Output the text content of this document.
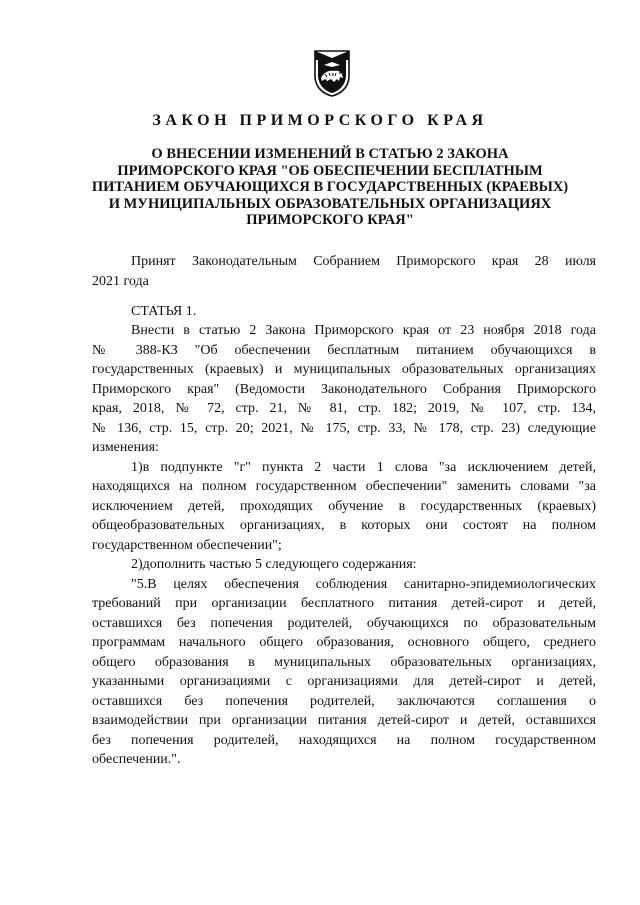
ЗАКОН ПРИМОРСКОГО КРАЯ
О ВНЕСЕНИИ ИЗМЕНЕНИЙ В СТАТЬЮ 2 ЗАКОНА
ПРИМОРСКОГО КРАЯ "ОБ ОБЕСПЕЧЕНИИ БЕСПЛАТНЫМ
ПИТАНИЕМ ОБУЧАЮЩИХСЯ В ГОСУДАРСТВЕННЫХ (КРАЕВЫХ)
И МУНИЦИПАЛЬНЫХ ОБРАЗОВАТЕЛЬНЫХ ОРГАНИЗАЦИЯХ
ПРИМОРСКОГО КРАЯ"
Принят Законодательным Собранием Приморского края 28 июля
2021 года
СТАТЬЯ 1.
Внести в статью 2 Закона Приморского края от 23 ноября 2018 года
№ 388-КЗ "Об обеспечении бесплатным питанием обучающихся в
государственных (краевых) и муниципальных образовательных организациях
Приморского края" (Ведомости Законодательного Собрания Приморского
края, 2018, № 72, стр. 21, № 81, стр. 182; 2019, № 107, стр. 134,
№ 136, стр. 15, стр. 20; 2021, № 175, стр. 33, № 178, стр. 23) следующие
изменения:
1)в подпункте "г" пункта 2 части 1 слова "за исключением детей,
находящихся на полном государственном обеспечении" заменить словами "за
исключением детей, проходящих обучение в государственных (краевых)
общеобразовательных организациях, в которых они состоят на полном
государственном обеспечении";
2)дополнить частью 5 следующего содержания:
"5.В целях обеспечения соблюдения санитарно-эпидемиологических
требований при организации бесплатного питания детей-сирот и детей,
оставшихся без попечения родителей, обучающихся по образовательным
программам начального общего образования, основного общего, среднего
общего образования в муниципальных образовательных организациях,
указанными организациями с организациями для детей-сирот и детей,
оставшихся без попечения родителей, заключаются соглашения о
взаимодействии при организации питания детей-сирот и детей, оставшихся
без попечения родителей, находящихся на полном государственном
обеспечении.".
